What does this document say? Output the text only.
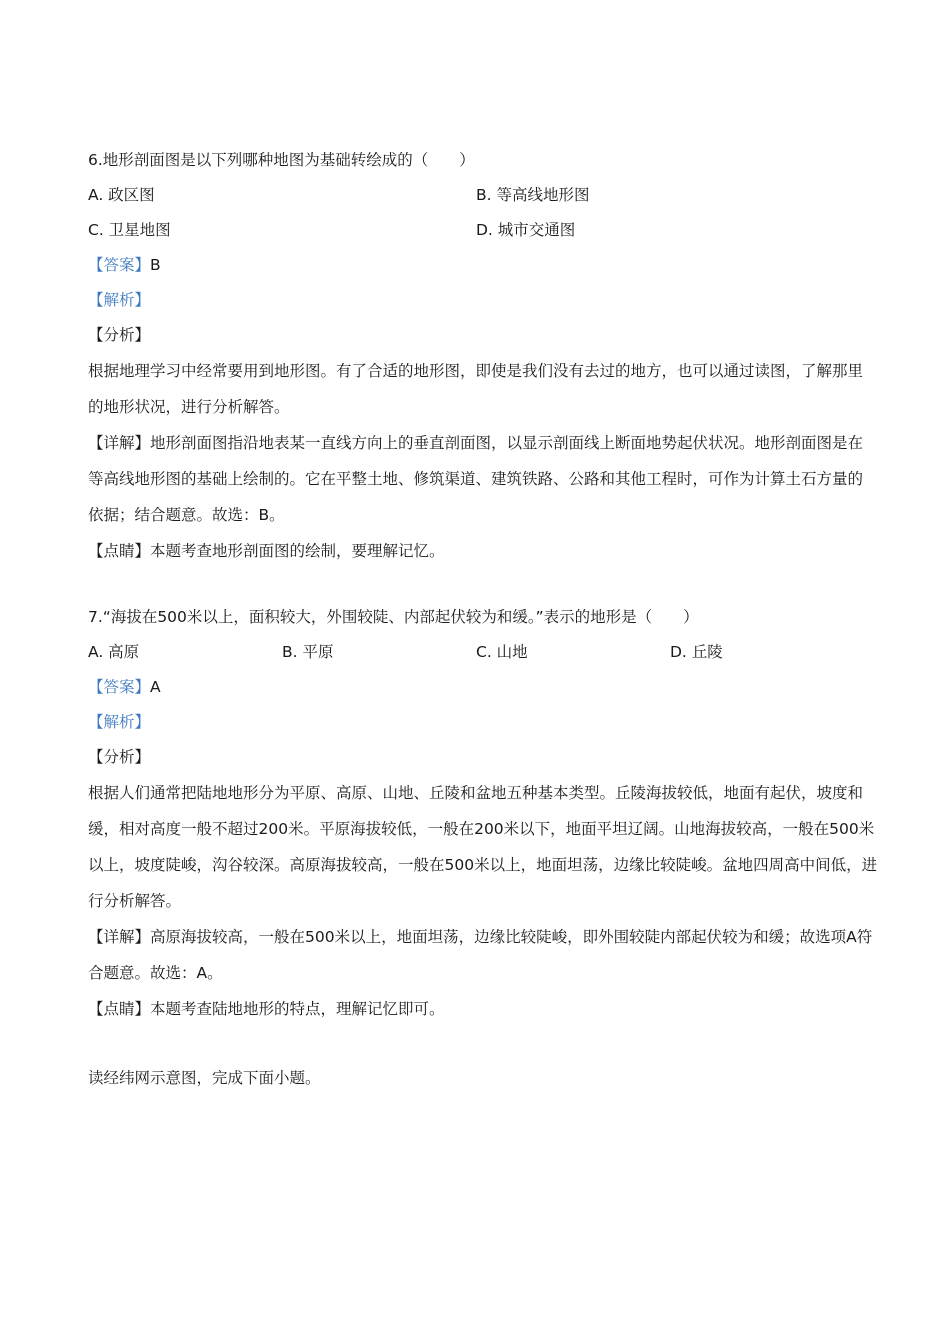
6.地形剖面图是以下列哪种地图为基础转绘成的（　　）
A. 政区图	B. 等高线地形图
C. 卫星地图	D. 城市交通图
【答案】B
【解析】
【分析】
根据地理学习中经常要用到地形图。有了合适的地形图，即使是我们没有去过的地方，也可以通过读图，了解那里的地形状况，进行分析解答。
【详解】地形剖面图指沿地表某一直线方向上的垂直剖面图，以显示剖面线上断面地势起伏状况。地形剖面图是在等高线地形图的基础上绘制的。它在平整土地、修筑渠道、建筑铁路、公路和其他工程时，可作为计算土石方量的依据；结合题意。故选：B。
【点睛】本题考查地形剖面图的绘制，要理解记忆。
7.“海拔在500米以上，面积较大，外围较陡、内部起伏较为和缓。”表示的地形是（　　）
A. 高原	B. 平原	C. 山地	D. 丘陵
【答案】A
【解析】
【分析】
根据人们通常把陆地地形分为平原、高原、山地、丘陵和盆地五种基本类型。丘陵海拔较低，地面有起伏，坡度和缓，相对高度一般不超过200米。平原海拔较低，一般在200米以下，地面平坦辽阔。山地海拔较高，一般在500米以上，坡度陡峻，沟谷较深。高原海拔较高，一般在500米以上，地面坦荡，边缘比较陡峻。盆地四周高中间低，进行分析解答。
【详解】高原海拔较高，一般在500米以上，地面坦荡，边缘比较陡峻，即外围较陡内部起伏较为和缓；故选项A符合题意。故选：A。
【点睛】本题考查陆地地形的特点，理解记忆即可。
读经纬网示意图，完成下面小题。
